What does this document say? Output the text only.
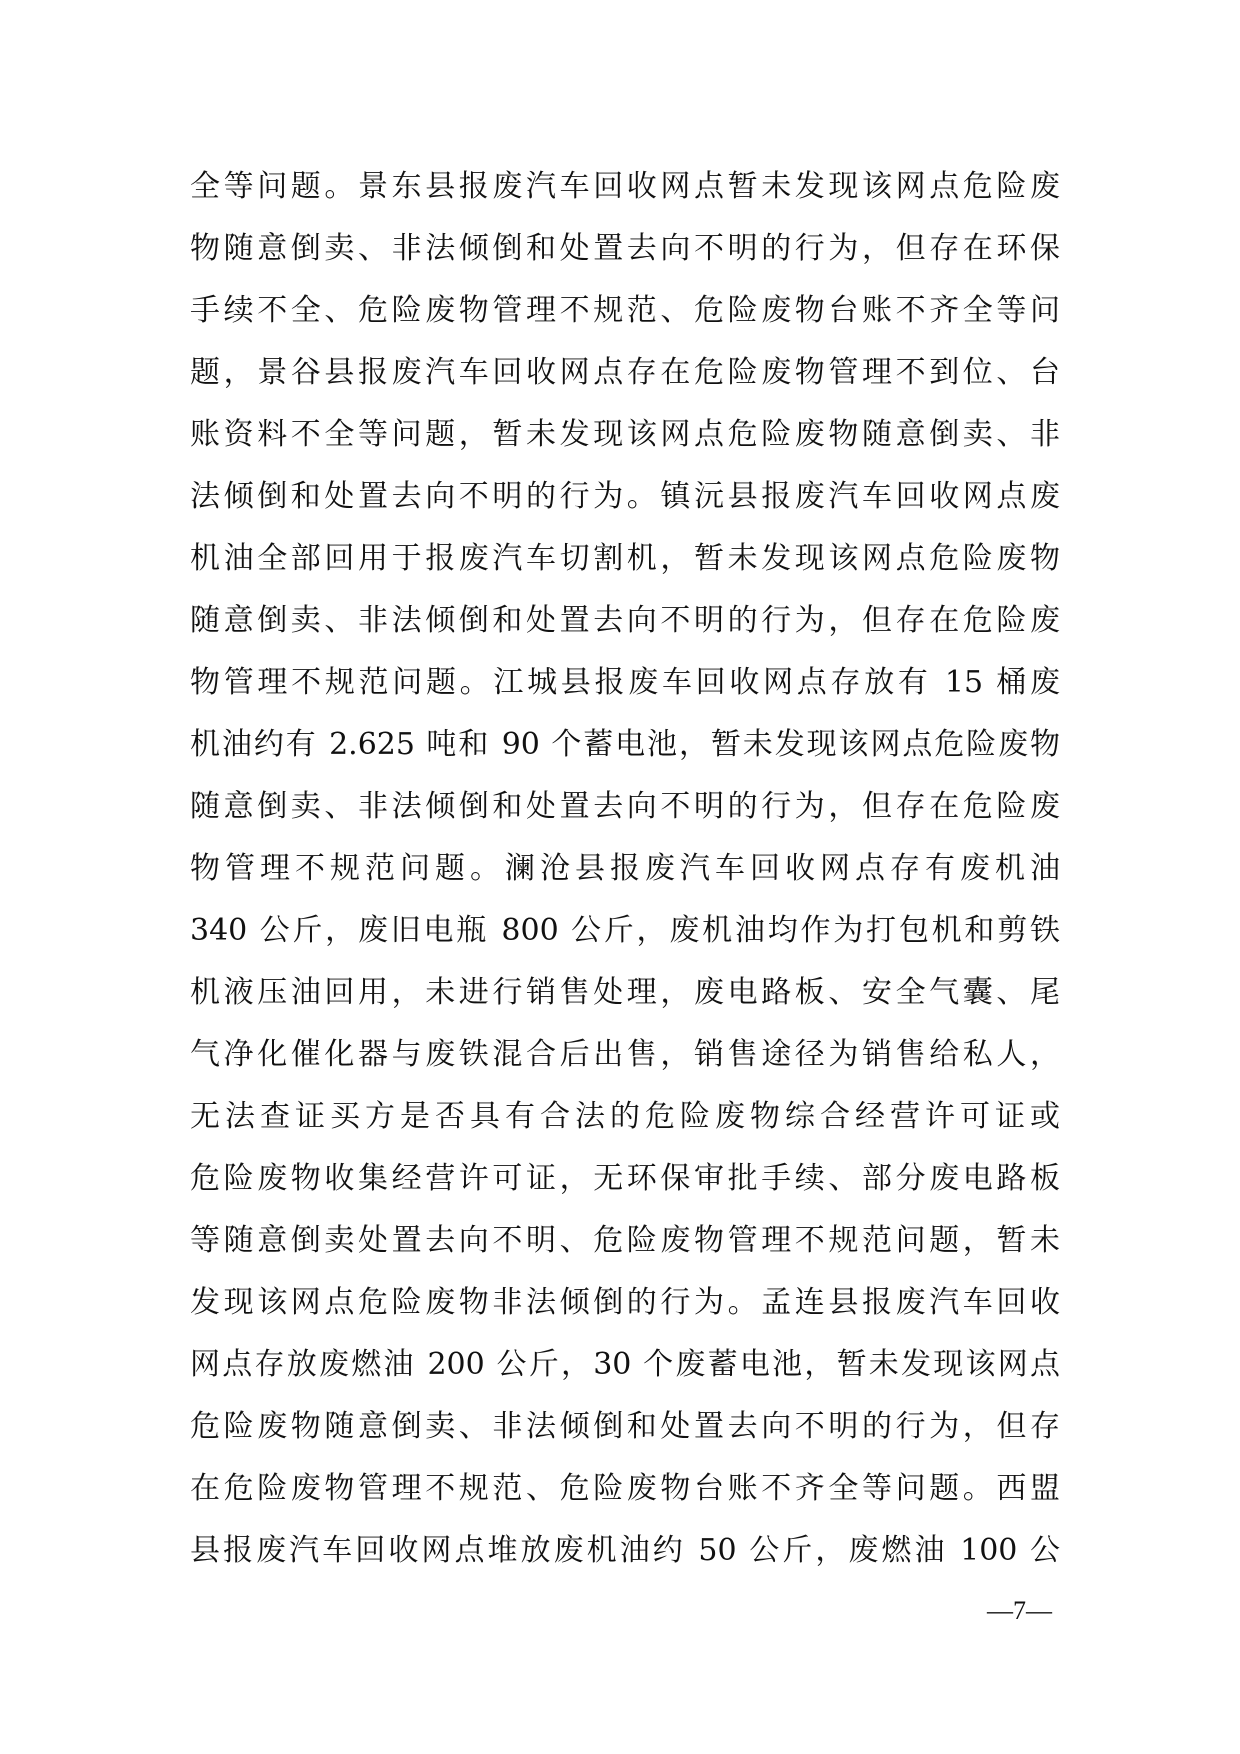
全等问题。景东县报废汽车回收网点暂未发现该网点危险废
物随意倒卖、非法倾倒和处置去向不明的行为，但存在环保
手续不全、危险废物管理不规范、危险废物台账不齐全等问
题，景谷县报废汽车回收网点存在危险废物管理不到位、台
账资料不全等问题，暂未发现该网点危险废物随意倒卖、非
法倾倒和处置去向不明的行为。镇沅县报废汽车回收网点废
机油全部回用于报废汽车切割机，暂未发现该网点危险废物
随意倒卖、非法倾倒和处置去向不明的行为，但存在危险废
物管理不规范问题。江城县报废车回收网点存放有 15 桶废
机油约有 2.625 吨和 90 个蓄电池，暂未发现该网点危险废物
随意倒卖、非法倾倒和处置去向不明的行为，但存在危险废
物管理不规范问题。澜沧县报废汽车回收网点存有废机油
340 公斤，废旧电瓶 800 公斤，废机油均作为打包机和剪铁
机液压油回用，未进行销售处理，废电路板、安全气囊、尾
气净化催化器与废铁混合后出售，销售途径为销售给私人，
无法查证买方是否具有合法的危险废物综合经营许可证或
危险废物收集经营许可证，无环保审批手续、部分废电路板
等随意倒卖处置去向不明、危险废物管理不规范问题，暂未
发现该网点危险废物非法倾倒的行为。孟连县报废汽车回收
网点存放废燃油 200 公斤，30 个废蓄电池，暂未发现该网点
危险废物随意倒卖、非法倾倒和处置去向不明的行为，但存
在危险废物管理不规范、危险废物台账不齐全等问题。西盟
县报废汽车回收网点堆放废机油约 50 公斤，废燃油 100 公
—7—
